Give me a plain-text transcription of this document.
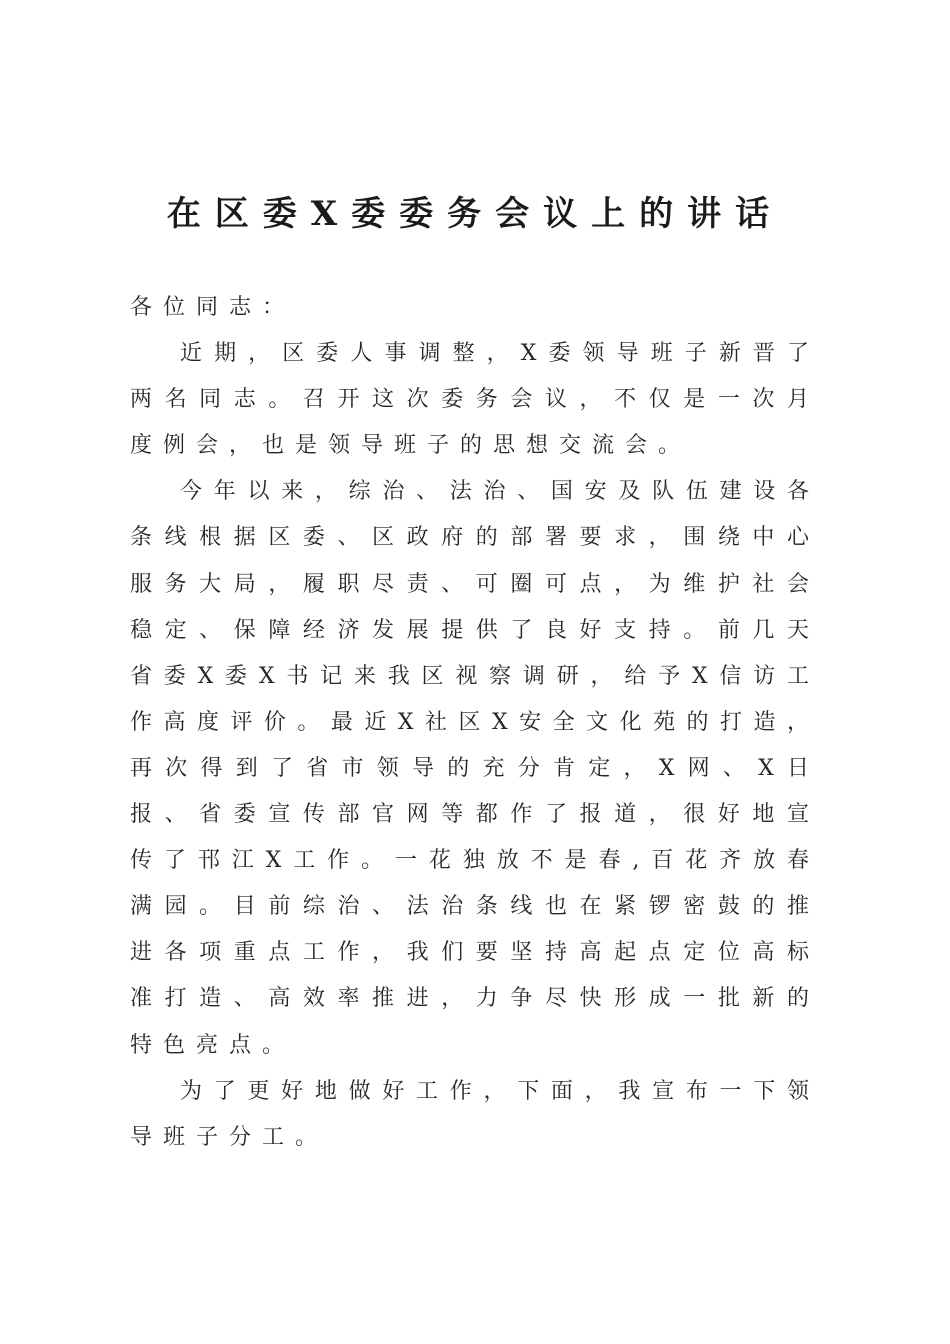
在区委X委委务会议上的讲话

各位同志：

近期，区委人事调整，X委领导班子新晋了两名同志。召开这次委务会议，不仅是一次月度例会，也是领导班子的思想交流会。

今年以来，综治、法治、国安及队伍建设各条线根据区委、区政府的部署要求，围绕中心服务大局，履职尽责、可圈可点，为维护社会稳定、保障经济发展提供了良好支持。前几天省委X委X书记来我区视察调研，给予X信访工作高度评价。最近X社区X安全文化苑的打造，再次得到了省市领导的充分肯定，X网、X日报、省委宣传部官网等都作了报道，很好地宣传了邗江X工作。一花独放不是春,百花齐放春满园。目前综治、法治条线也在紧锣密鼓的推进各项重点工作，我们要坚持高起点定位高标准打造、高效率推进，力争尽快形成一批新的特色亮点。

为了更好地做好工作，下面，我宣布一下领导班子分工。
